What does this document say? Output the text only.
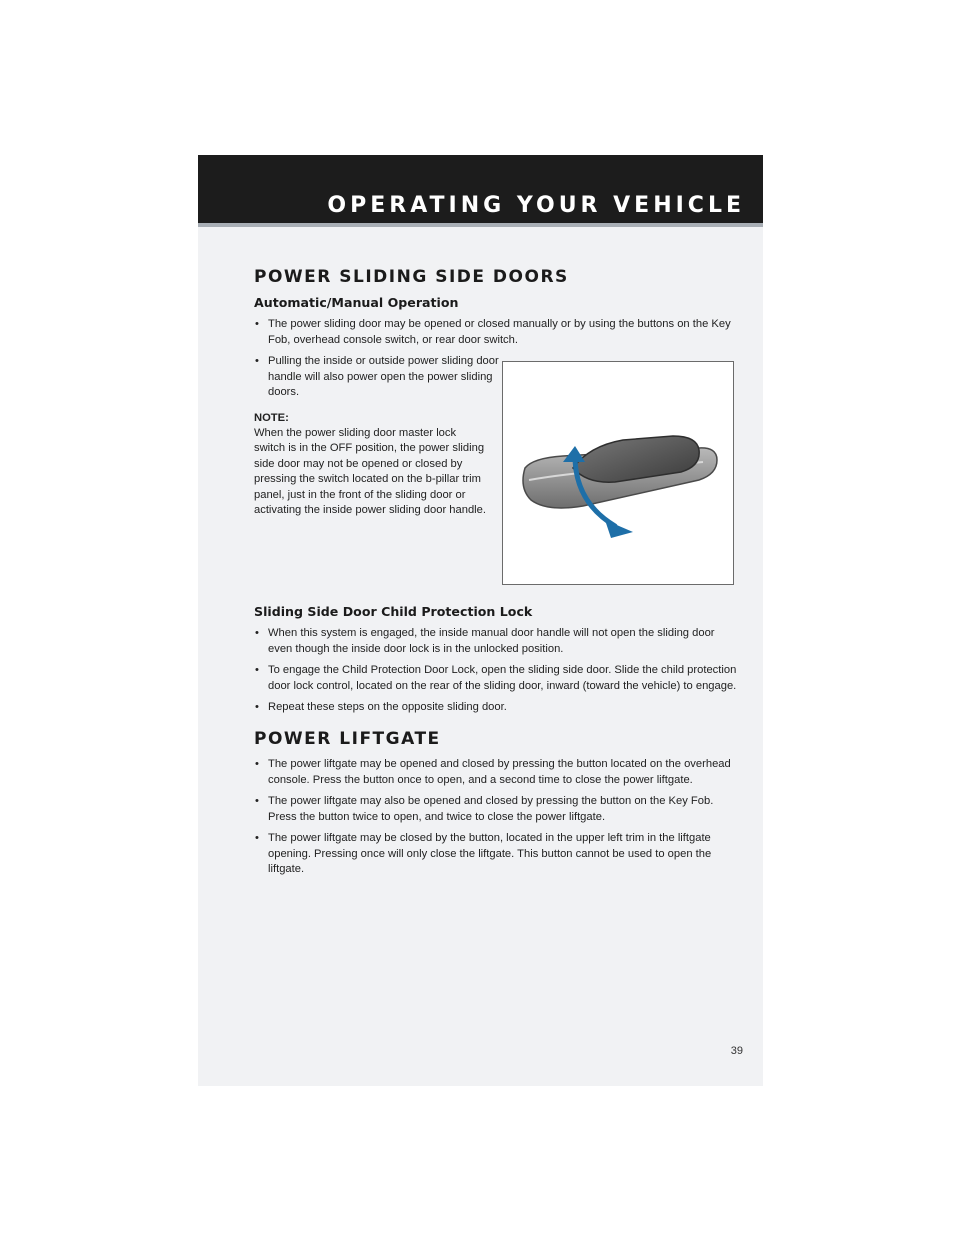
OPERATING YOUR VEHICLE
POWER SLIDING SIDE DOORS
Automatic/Manual Operation
• The power sliding door may be opened or closed manually or by using the buttons on the Key Fob, overhead console switch, or rear door switch.
• Pulling the inside or outside power sliding door handle will also power open the power sliding doors.
NOTE:
When the power sliding door master lock switch is in the OFF position, the power sliding side door may not be opened or closed by pressing the switch located on the b-pillar trim panel, just in the front of the sliding door or activating the inside power sliding door handle.
Sliding Side Door Child Protection Lock
• When this system is engaged, the inside manual door handle will not open the sliding door even though the inside door lock is in the unlocked position.
• To engage the Child Protection Door Lock, open the sliding side door. Slide the child protection door lock control, located on the rear of the sliding door, inward (toward the vehicle) to engage.
• Repeat these steps on the opposite sliding door.
POWER LIFTGATE
• The power liftgate may be opened and closed by pressing the button located on the overhead console. Press the button once to open, and a second time to close the power liftgate.
• The power liftgate may also be opened and closed by pressing the button on the Key Fob. Press the button twice to open, and twice to close the power liftgate.
• The power liftgate may be closed by the button, located in the upper left trim in the liftgate opening. Pressing once will only close the liftgate. This button cannot be used to open the liftgate.
39
